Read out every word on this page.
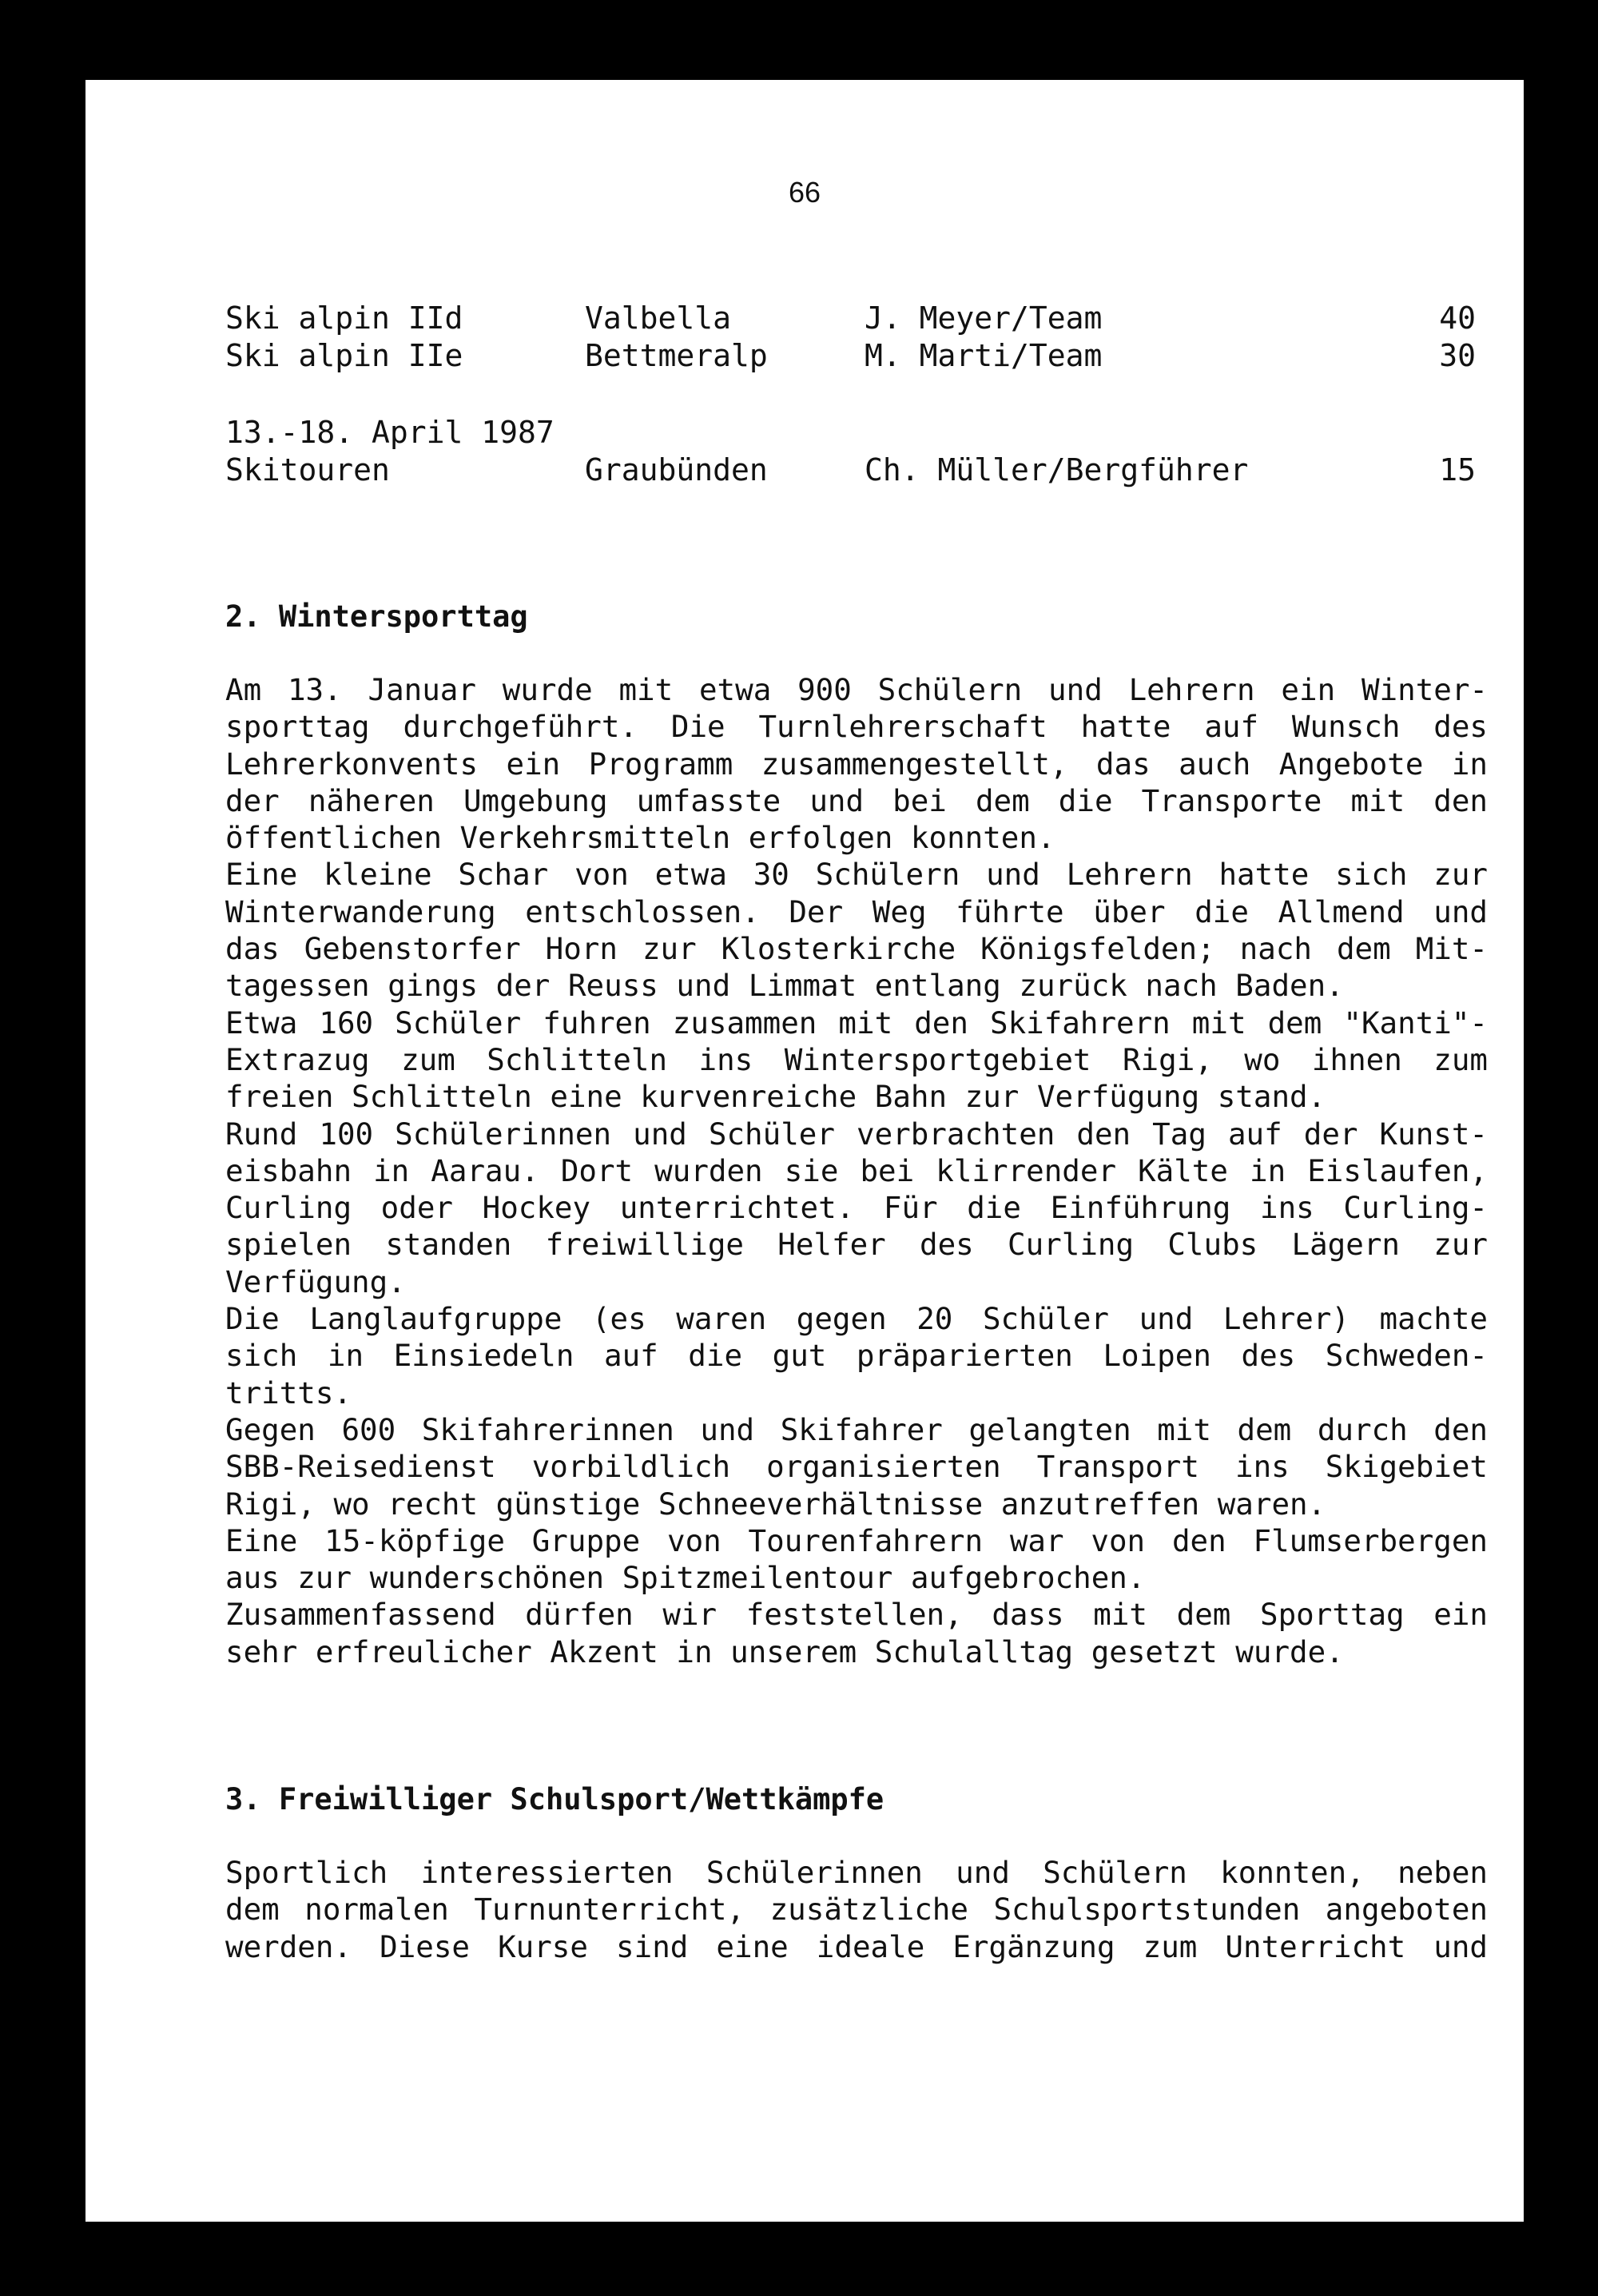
66
Ski alpin IId	Valbella	J. Meyer/Team	40
Ski alpin IIe	Bettmeralp	M. Marti/Team	30
13.-18. April 1987
Skitouren	Graubünden	Ch. Müller/Bergführer	15
2. Wintersporttag
Am 13. Januar wurde mit etwa 900 Schülern und Lehrern ein Winter-
sporttag durchgeführt. Die Turnlehrerschaft hatte auf Wunsch des
Lehrerkonvents ein Programm zusammengestellt, das auch Angebote in
der näheren Umgebung umfasste und bei dem die Transporte mit den
öffentlichen Verkehrsmitteln erfolgen konnten.
Eine kleine Schar von etwa 30 Schülern und Lehrern hatte sich zur
Winterwanderung entschlossen. Der Weg führte über die Allmend und
das Gebenstorfer Horn zur Klosterkirche Königsfelden; nach dem Mit-
tagessen gings der Reuss und Limmat entlang zurück nach Baden.
Etwa 160 Schüler fuhren zusammen mit den Skifahrern mit dem "Kanti"-
Extrazug zum Schlitteln ins Wintersportgebiet Rigi, wo ihnen zum
freien Schlitteln eine kurvenreiche Bahn zur Verfügung stand.
Rund 100 Schülerinnen und Schüler verbrachten den Tag auf der Kunst-
eisbahn in Aarau. Dort wurden sie bei klirrender Kälte in Eislaufen,
Curling oder Hockey unterrichtet. Für die Einführung ins Curling-
spielen standen freiwillige Helfer des Curling Clubs Lägern zur
Verfügung.
Die Langlaufgruppe (es waren gegen 20 Schüler und Lehrer) machte
sich in Einsiedeln auf die gut präparierten Loipen des Schweden-
tritts.
Gegen 600 Skifahrerinnen und Skifahrer gelangten mit dem durch den
SBB-Reisedienst vorbildlich organisierten Transport ins Skigebiet
Rigi, wo recht günstige Schneeverhältnisse anzutreffen waren.
Eine 15-köpfige Gruppe von Tourenfahrern war von den Flumserbergen
aus zur wunderschönen Spitzmeilentour aufgebrochen.
Zusammenfassend dürfen wir feststellen, dass mit dem Sporttag ein
sehr erfreulicher Akzent in unserem Schulalltag gesetzt wurde.
3. Freiwilliger Schulsport/Wettkämpfe
Sportlich interessierten Schülerinnen und Schülern konnten, neben
dem normalen Turnunterricht, zusätzliche Schulsportstunden angeboten
werden. Diese Kurse sind eine ideale Ergänzung zum Unterricht und
